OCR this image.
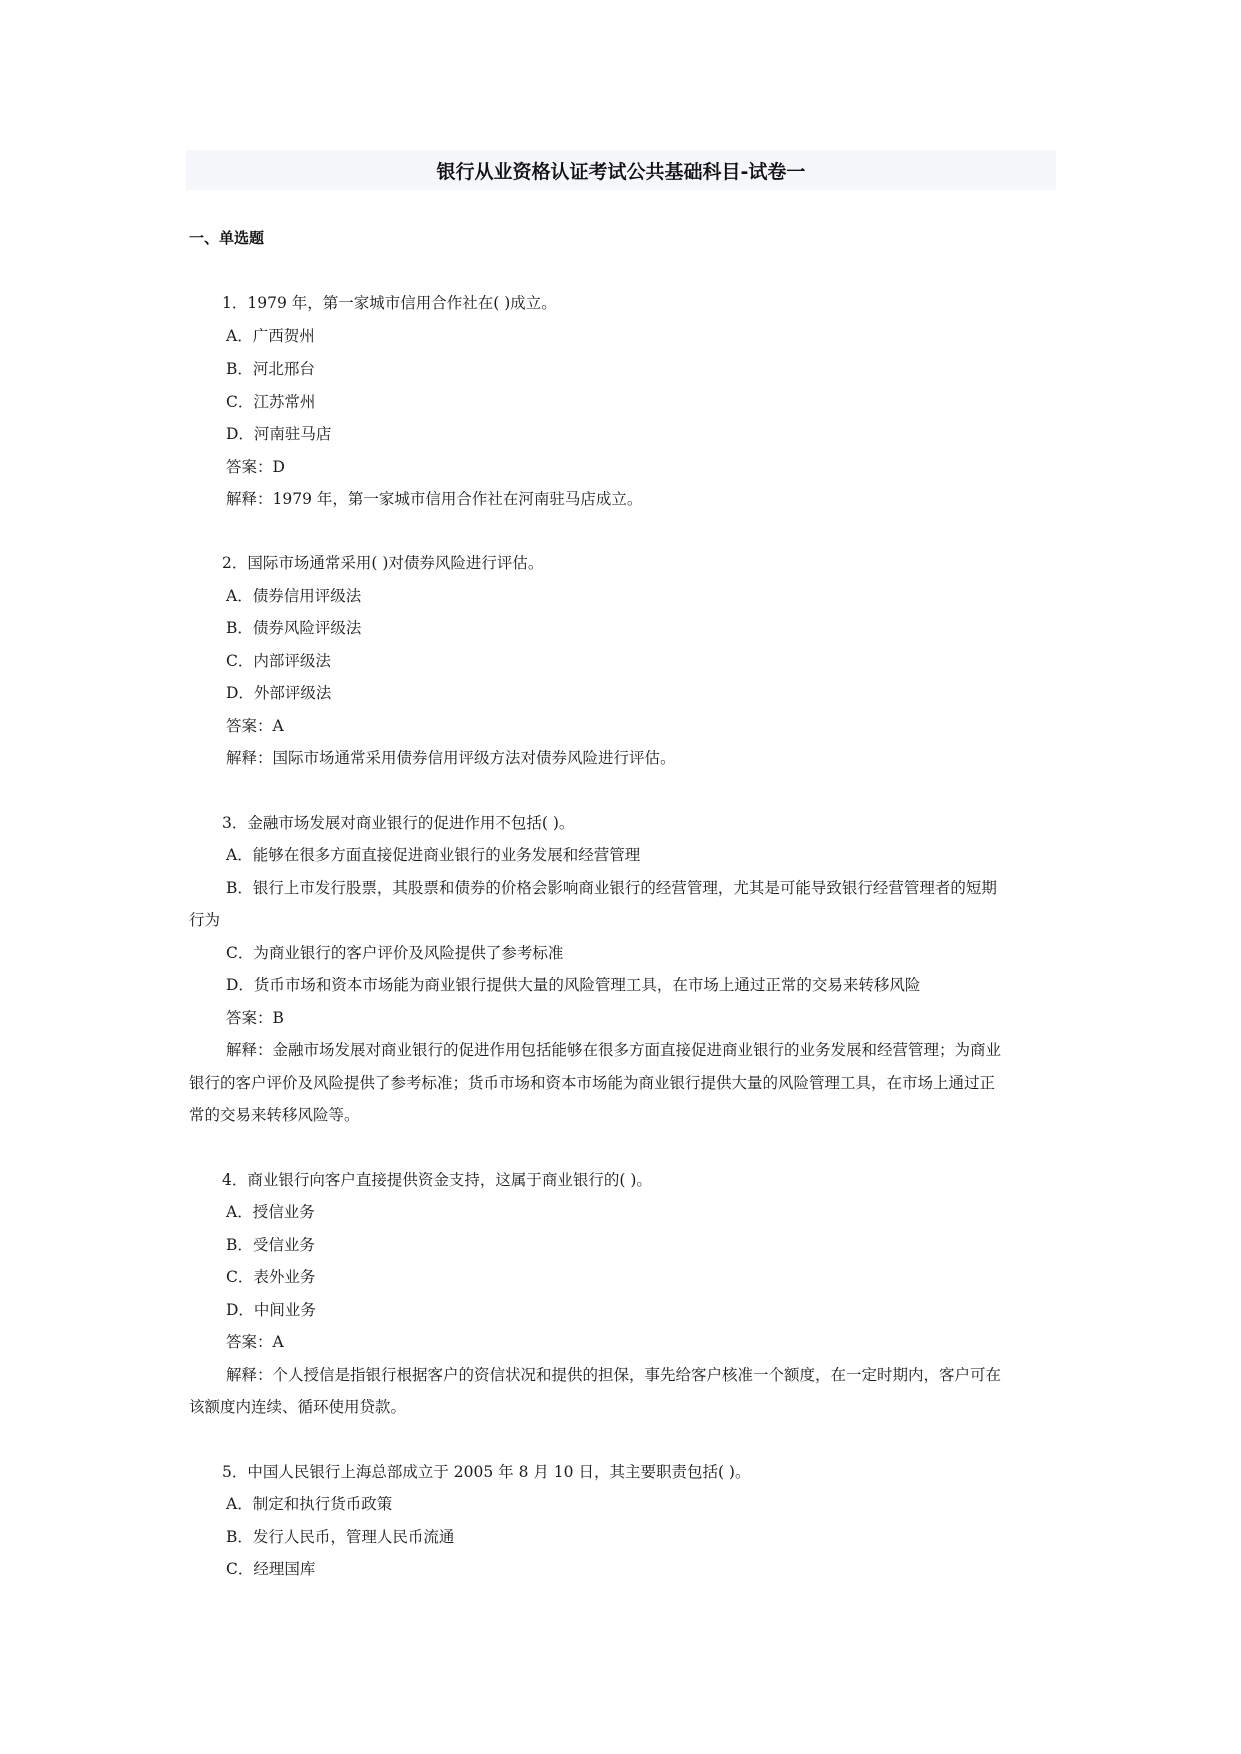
银行从业资格认证考试公共基础科目-试卷一
一、单选题
1．1979 年，第一家城市信用合作社在( )成立。
A．广西贺州
B．河北邢台
C．江苏常州
D．河南驻马店
答案：D
解释：1979 年，第一家城市信用合作社在河南驻马店成立。
2．国际市场通常采用( )对债券风险进行评估。
A．债券信用评级法
B．债券风险评级法
C．内部评级法
D．外部评级法
答案：A
解释：国际市场通常采用债券信用评级方法对债券风险进行评估。
3．金融市场发展对商业银行的促进作用不包括( )。
A．能够在很多方面直接促进商业银行的业务发展和经营管理
B．银行上市发行股票，其股票和债券的价格会影响商业银行的经营管理，尤其是可能导致银行经营管理者的短期
行为
C．为商业银行的客户评价及风险提供了参考标准
D．货币市场和资本市场能为商业银行提供大量的风险管理工具，在市场上通过正常的交易来转移风险
答案：B
解释：金融市场发展对商业银行的促进作用包括能够在很多方面直接促进商业银行的业务发展和经营管理；为商业
银行的客户评价及风险提供了参考标准；货币市场和资本市场能为商业银行提供大量的风险管理工具，在市场上通过正
常的交易来转移风险等。
4．商业银行向客户直接提供资金支持，这属于商业银行的( )。
A．授信业务
B．受信业务
C．表外业务
D．中间业务
答案：A
解释：个人授信是指银行根据客户的资信状况和提供的担保，事先给客户核准一个额度，在一定时期内，客户可在
该额度内连续、循环使用贷款。
5．中国人民银行上海总部成立于 2005 年 8 月 10 日，其主要职责包括( )。
A．制定和执行货币政策
B．发行人民币，管理人民币流通
C．经理国库
